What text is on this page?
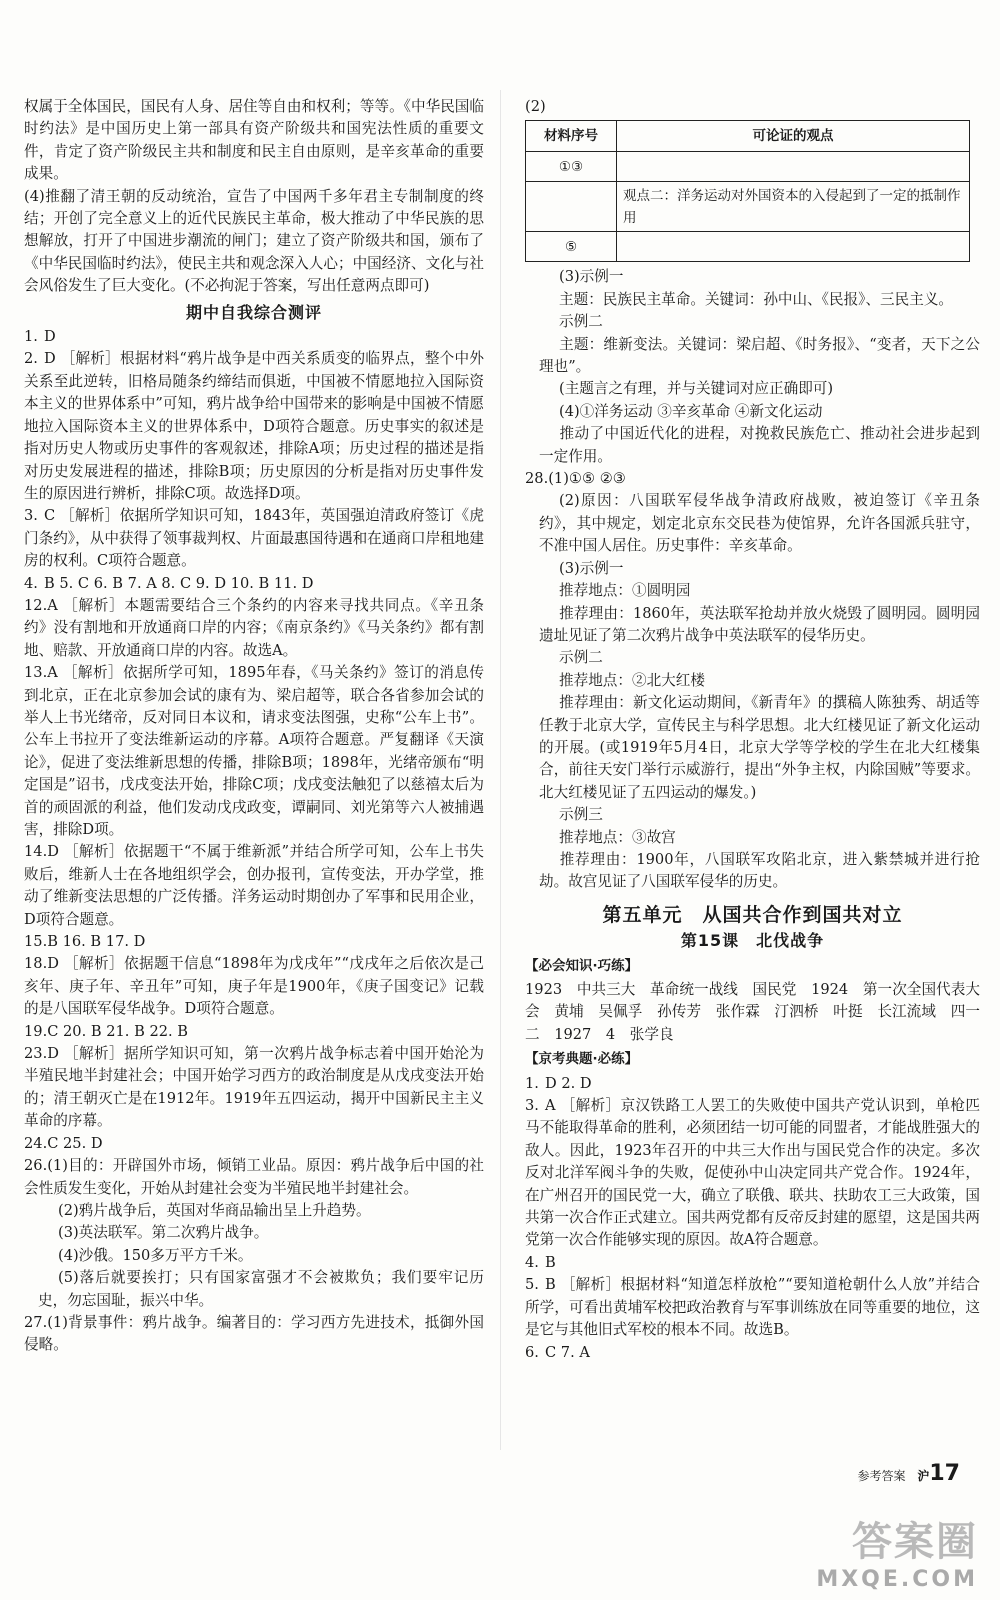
权属于全体国民，国民有人身、居住等自由和权利；等等。《中华民国临时约法》是中国历史上第一部具有资产阶级共和国宪法性质的重要文件，肯定了资产阶级民主共和制度和民主自由原则，是辛亥革命的重要成果。

(4)推翻了清王朝的反动统治，宣告了中国两千多年君主专制制度的终结；开创了完全意义上的近代民族民主革命，极大推动了中华民族的思想解放，打开了中国进步潮流的闸门；建立了资产阶级共和国，颁布了《中华民国临时约法》，使民主共和观念深入人心；中国经济、文化与社会风俗发生了巨大变化。(不必拘泥于答案，写出任意两点即可)

期中自我综合测评

1. D

2. D ［解析］根据材料“鸦片战争是中西关系质变的临界点，整个中外关系至此逆转，旧格局随条约缔结而俱逝，中国被不情愿地拉入国际资本主义的世界体系中”可知，鸦片战争给中国带来的影响是中国被不情愿地拉入国际资本主义的世界体系中，D项符合题意。历史事实的叙述是指对历史人物或历史事件的客观叙述，排除A项；历史过程的描述是指对历史发展进程的描述，排除B项；历史原因的分析是指对历史事件发生的原因进行辨析，排除C项。故选择D项。

3. C ［解析］依据所学知识可知，1843年，英国强迫清政府签订《虎门条约》，从中获得了领事裁判权、片面最惠国待遇和在通商口岸租地建房的权利。C项符合题意。

4. B 5. C 6. B 7. A 8. C 9. D 10. B 11. D

12.A ［解析］本题需要结合三个条约的内容来寻找共同点。《辛丑条约》没有割地和开放通商口岸的内容；《南京条约》《马关条约》都有割地、赔款、开放通商口岸的内容。故选A。

13.A ［解析］依据所学可知，1895年春，《马关条约》签订的消息传到北京，正在北京参加会试的康有为、梁启超等，联合各省参加会试的举人上书光绪帝，反对同日本议和，请求变法图强，史称“公车上书”。公车上书拉开了变法维新运动的序幕。A项符合题意。严复翻译《天演论》，促进了变法维新思想的传播，排除B项；1898年，光绪帝颁布“明定国是”诏书，戊戌变法开始，排除C项；戊戌变法触犯了以慈禧太后为首的顽固派的利益，他们发动戊戌政变，谭嗣同、刘光第等六人被捕遇害，排除D项。

14.D ［解析］依据题干“不属于维新派”并结合所学可知，公车上书失败后，维新人士在各地组织学会，创办报刊，宣传变法，开办学堂，推动了维新变法思想的广泛传播。洋务运动时期创办了军事和民用企业，D项符合题意。

15.B 16. B 17. D

18.D ［解析］依据题干信息“1898年为戊戌年”“戊戌年之后依次是己亥年、庚子年、辛丑年”可知，庚子年是1900年，《庚子国变记》记载的是八国联军侵华战争。D项符合题意。

19.C 20. B 21. B 22. B

23.D ［解析］据所学知识可知，第一次鸦片战争标志着中国开始沦为半殖民地半封建社会；中国开始学习西方的政治制度是从戊戌变法开始的；清王朝灭亡是在1912年。1919年五四运动，揭开中国新民主主义革命的序幕。

24.C 25. D

26.(1)目的：开辟国外市场，倾销工业品。原因：鸦片战争后中国的社会性质发生变化，开始从封建社会变为半殖民地半封建社会。

(2)鸦片战争后，英国对华商品输出呈上升趋势。

(3)英法联军。第二次鸦片战争。

(4)沙俄。150多万平方千米。

(5)落后就要挨打；只有国家富强才不会被欺负；我们要牢记历史，勿忘国耻，振兴中华。

27.(1)背景事件：鸦片战争。编著目的：学习西方先进技术，抵御外国侵略。

(2)

材料序号	可论证的观点
①③	
	观点二：洋务运动对外国资本的入侵起到了一定的抵制作用
⑤	

(3)示例一

主题：民族民主革命。关键词：孙中山、《民报》、三民主义。

示例二

主题：维新变法。关键词：梁启超、《时务报》、“变者，天下之公理也”。

(主题言之有理，并与关键词对应正确即可)

(4)①洋务运动 ③辛亥革命 ④新文化运动

推动了中国近代化的进程，对挽救民族危亡、推动社会进步起到一定作用。

28.(1)①⑤ ②③

(2)原因：八国联军侵华战争清政府战败，被迫签订《辛丑条约》，其中规定，划定北京东交民巷为使馆界，允许各国派兵驻守，不准中国人居住。历史事件：辛亥革命。

(3)示例一

推荐地点：①圆明园

推荐理由：1860年，英法联军抢劫并放火烧毁了圆明园。圆明园遗址见证了第二次鸦片战争中英法联军的侵华历史。

示例二

推荐地点：②北大红楼

推荐理由：新文化运动期间，《新青年》的撰稿人陈独秀、胡适等任教于北京大学，宣传民主与科学思想。北大红楼见证了新文化运动的开展。(或1919年5月4日，北京大学等学校的学生在北大红楼集合，前往天安门举行示威游行，提出“外争主权，内除国贼”等要求。北大红楼见证了五四运动的爆发。)

示例三

推荐地点：③故宫

推荐理由：1900年，八国联军攻陷北京，进入紫禁城并进行抢劫。故宫见证了八国联军侵华的历史。

第五单元　从国共合作到国共对立
第15课　北伐战争
【必会知识·巧练】

1923　中共三大　革命统一战线　国民党　1924　第一次全国代表大会　黄埔　吴佩孚　孙传芳　张作霖　汀泗桥　叶挺　长江流域　四一二　1927　4　张学良

【京考典题·必练】

1. D 2. D

3. A ［解析］京汉铁路工人罢工的失败使中国共产党认识到，单枪匹马不能取得革命的胜利，必须团结一切可能的同盟者，才能战胜强大的敌人。因此，1923年召开的中共三大作出与国民党合作的决定。多次反对北洋军阀斗争的失败，促使孙中山决定同共产党合作。1924年，在广州召开的国民党一大，确立了联俄、联共、扶助农工三大政策，国共第一次合作正式建立。国共两党都有反帝反封建的愿望，这是国共两党第一次合作能够实现的原因。故A符合题意。

4. B

5. B ［解析］根据材料“知道怎样放枪”“要知道枪朝什么人放”并结合所学，可看出黄埔军校把政治教育与军事训练放在同等重要的地位，这是它与其他旧式军校的根本不同。故选B。

6. C 7. A

参考答案 沪17
答案圈
MXQE.COM
